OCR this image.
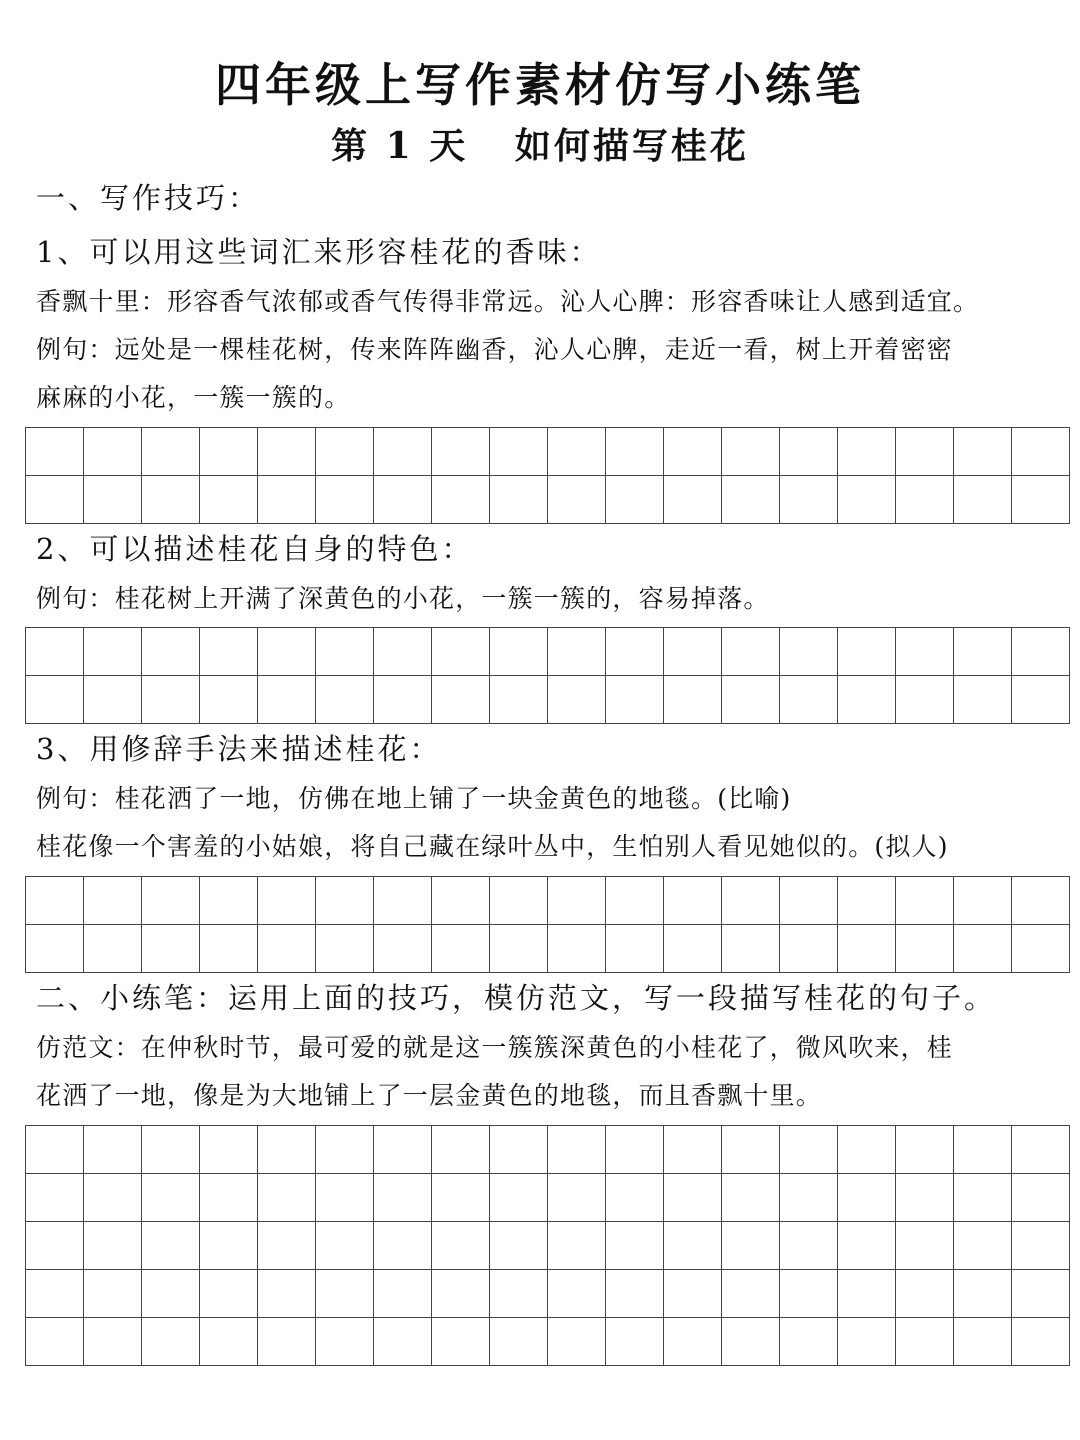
四年级上写作素材仿写小练笔
第 1 天   如何描写桂花
一、写作技巧：
1、可以用这些词汇来形容桂花的香味：
香飘十里：形容香气浓郁或香气传得非常远。沁人心脾：形容香味让人感到适宜。
例句：远处是一棵桂花树，传来阵阵幽香，沁人心脾，走近一看，树上开着密密
麻麻的小花，一簇一簇的。

2、可以描述桂花自身的特色：
例句：桂花树上开满了深黄色的小花，一簇一簇的，容易掉落。

3、用修辞手法来描述桂花：
例句：桂花洒了一地，仿佛在地上铺了一块金黄色的地毯。(比喻)
桂花像一个害羞的小姑娘，将自己藏在绿叶丛中，生怕别人看见她似的。(拟人)

二、小练笔：运用上面的技巧，模仿范文，写一段描写桂花的句子。
仿范文：在仲秋时节，最可爱的就是这一簇簇深黄色的小桂花了，微风吹来，桂
花洒了一地，像是为大地铺上了一层金黄色的地毯，而且香飘十里。
